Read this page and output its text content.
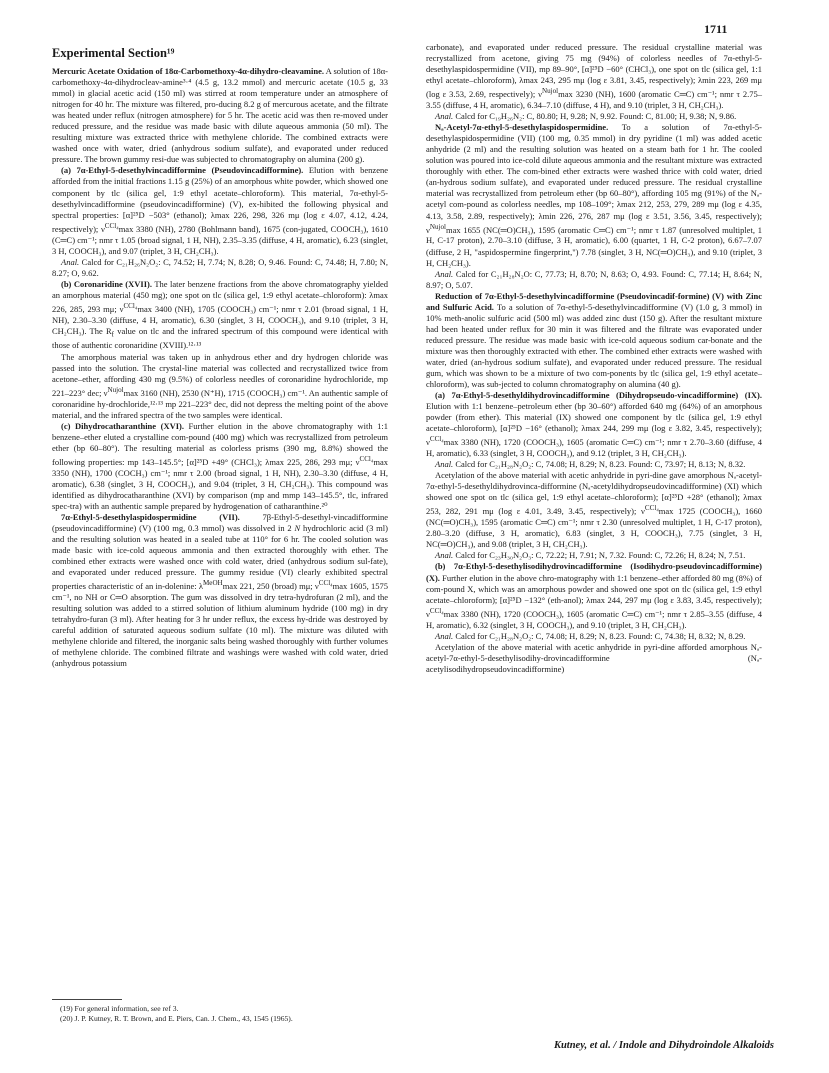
1711
Experimental Section¹⁹

Mercuric Acetate Oxidation of 18α-Carbomethoxy-4α-dihydro-cleavamine. A solution of 18α-carbomethoxy-4α-dihydrocleav-amine³·⁴ (4.5 g, 13.2 mmol) and mercuric acetate (10.5 g, 33 mmol) in glacial acetic acid (150 ml) was stirred at room temperature under an atmosphere of nitrogen for 40 hr. The mixture was filtered, pro-ducing 8.2 g of mercurous acetate, and the filtrate was heated under reflux (nitrogen atmosphere) for 5 hr. The acetic acid was then re-moved under reduced pressure, and the residue was made basic with dilute aqueous ammonia (50 ml). The resulting mixture was extracted thrice with methylene chloride. The combined extracts were washed once with water, dried (anhydrous sodium sulfate), and evaporated under reduced pressure. The brown gummy resi-due was subjected to chromatography on alumina (200 g).

(a) 7α-Ethyl-5-desethylvincadifformine (Pseudovincadifformine). Elution with benzene afforded from the initial fractions 1.15 g (25%) of an amorphous white powder, which showed one component by tlc (silica gel, 1:9 ethyl acetate–chloroform). This material, 7α-ethyl-5-desethylvincadifformine (pseudovincadifformine) (V), ex-hibited the following physical and spectral properties: [α]²⁵D −503° (ethanol); λmax 226, 298, 326 mμ (log ε 4.07, 4.12, 4.24, respectively); $\nu^{CCl_4}\max$ 3380 (NH), 2780 (Bohlmann band), 1675 (con-jugated, COOCH₃), 1610 (C═C) cm⁻¹; nmr τ 1.05 (broad signal, 1 H, NH), 2.35–3.35 (diffuse, 4 H, aromatic), 6.23 (singlet, 3 H, COOCH₃), and 9.07 (triplet, 3 H, CH₂CH₃).

Anal. Calcd for C₂₁H₂₆N₂O₂: C, 74.52; H, 7.74; N, 8.28; O, 9.46. Found: C, 74.48; H, 7.80; N, 8.27; O, 9.62.

(b) Coronaridine (XVII). The later benzene fractions from the above chromatography yielded an amorphous material (450 mg); one spot on tlc (silica gel, 1:9 ethyl acetate–chloroform): λmax 226, 285, 293 mμ; $\nu^{CCl_4}\max$ 3400 (NH), 1705 (COOCH₃) cm⁻¹; nmr τ 2.01 (broad signal, 1 H, NH), 2.30–3.30 (diffuse, 4 H, aromatic), 6.30 (singlet, 3 H, COOCH₃), and 9.10 (triplet, 3 H, CH₂CH₃). The $R_f$ value on tlc and the infrared spectrum of this compound were identical with those of authentic coronaridine (XVIII).¹²·¹³

The amorphous material was taken up in anhydrous ether and dry hydrogen chloride was passed into the solution. The crystal-line material was collected and recrystallized twice from acetone–ether, affording 430 mg (9.5%) of colorless needles of coronaridine hydrochloride, mp 221–223° dec; $\nu^{Nujol}\max$ 3160 (NH), 2530 (N⁺H), 1715 (COOCH₃) cm⁻¹. An authentic sample of coronaridine hy-drochloride,¹²·¹³ mp 221–223° dec, did not depress the melting point of the above material, and the infrared spectra of the two samples were identical.

(c) Dihydrocatharanthine (XVI). Further elution in the above chromatography with 1:1 benzene–ether eluted a crystalline com-pound (400 mg) which was recrystallized from petroleum ether (bp 60–80°). The resulting material as colorless prisms (390 mg, 8.8%) showed the following properties: mp 143–145.5°; [α]²⁵D +49° (CHCl₃); λmax 225, 286, 293 mμ; $\nu^{CCl_4}\max$ 3350 (NH), 1700 (COCH₃) cm⁻¹; nmr τ 2.00 (broad signal, 1 H, NH), 2.30–3.30 (diffuse, 4 H, aromatic), 6.38 (singlet, 3 H, COOCH₃), and 9.04 (triplet, 3 H, CH₂CH₃). This compound was identified as dihydrocatharanthine (XVI) by comparison (mp and mmp 143–145.5°, tlc, infrared spec-tra) with an authentic sample prepared by hydrogenation of catharanthine.²⁰

7α-Ethyl-5-desethylaspidospermidine (VII). 7β-Ethyl-5-desethyl-vincadifformine (pseudovincadifformine) (V) (100 mg, 0.3 mmol) was dissolved in 2 N hydrochloric acid (3 ml) and the resulting solution was heated in a sealed tube at 110° for 6 hr. The cooled solution was made basic with ice-cold aqueous ammonia and then extracted thoroughly with ether. The combined ether extracts were washed once with cold water, dried (anhydrous sodium sul-fate), and evaporated under reduced pressure. The gummy residue (VI) clearly exhibited spectral properties characteristic of an in-dolenine: $\lambda^{MeOH}\max$ 221, 250 (broad) mμ; $\nu^{CCl_4}\max$ 1605, 1575 cm⁻¹, no NH or C═O absorption. The gum was dissolved in dry tetra-hydrofuran (2 ml), and the resulting solution was added to a stirred solution of lithium aluminum hydride (100 mg) in dry tetrahydro-furan (3 ml). After heating for 3 hr under reflux, the excess hy-dride was destroyed by careful addition of saturated aqueous sodium sulfate (10 ml). The mixture was diluted with methylene chloride and filtered, the inorganic salts being washed thoroughly with further volumes of methylene chloride. The combined filtrate and washings were washed with cold water, dried (anhydrous potassium

carbonate), and evaporated under reduced pressure. The residual crystalline material was recrystallized from acetone, giving 75 mg (94%) of colorless needles of 7α-ethyl-5-desethylaspidospermidine (VII), mp 89–90°, [α]²⁵D −60° (CHCl₃), one spot on tlc (silica gel, 1:1 ethyl acetate–chloroform), λmax 243, 295 mμ (log ε 3.81, 3.45, respectively); λmin 223, 269 mμ (log ε 3.53, 2.69, respectively); $\nu^{Nujol}\max$ 3230 (NH), 1600 (aromatic C═C) cm⁻¹; nmr τ 2.75–3.55 (diffuse, 4 H, aromatic), 6.34–7.10 (diffuse, 4 H), and 9.10 (triplet, 3 H, CH₂CH₃).

Anal. Calcd for C₁₉H₂₆N₂: C, 80.80; H, 9.28; N, 9.92. Found: C, 81.00; H, 9.38; N, 9.86.

Nₐ-Acetyl-7α-ethyl-5-desethylaspidospermidine. To a solution of 7α-ethyl-5-desethylaspidospermidine (VII) (100 mg, 0.35 mmol) in dry pyridine (1 ml) was added acetic anhydride (2 ml) and the resulting solution was heated on a steam bath for 1 hr. The cooled solution was poured into ice-cold dilute aqueous ammonia and the resultant mixture was extracted thoroughly with ether. The com-bined ether extracts were washed thrice with cold water, dried (an-hydrous sodium sulfate), and evaporated under reduced pressure. The residual crystalline material was recrystallized from petroleum ether (bp 60–80°), affording 105 mg (91%) of the Nₐ-acetyl com-pound as colorless needles, mp 108–109°; λmax 212, 253, 279, 289 mμ (log ε 4.35, 4.13, 3.58, 2.89, respectively); λmin 226, 276, 287 mμ (log ε 3.51, 3.56, 3.45, respectively); $\nu^{Nujol}\max$ 1655 (NC(═O)CH₃), 1595 (aromatic C═C) cm⁻¹; nmr τ 1.87 (unresolved multiplet, 1 H, C-17 proton), 2.70–3.10 (diffuse, 3 H, aromatic), 6.00 (quartet, 1 H, C-2 proton), 6.67–7.07 (diffuse, 2 H, "aspidospermine fingerprint,") 7.78 (singlet, 3 H, NC(═O)CH₃), and 9.10 (triplet, 3 H, CH₂CH₃).

Anal. Calcd for C₂₁H₂₈N₂O: C, 77.73; H, 8.70; N, 8.63; O, 4.93. Found: C, 77.14; H, 8.64; N, 8.97; O, 5.07.

Reduction of 7α-Ethyl-5-desethylvincadifformine (Pseudovincadif-formine) (V) with Zinc and Sulfuric Acid. To a solution of 7α-ethyl-5-desethylvincadifformine (V) (1.0 g, 3 mmol) in 10% meth-anolic sulfuric acid (500 ml) was added zinc dust (150 g). After the resultant mixture had been heated under reflux for 30 min it was filtered and the filtrate was evaporated under reduced pressure. The residue was made basic with ice-cold aqueous sodium car-bonate and the mixture was then thoroughly extracted with ether. The combined ether extracts were washed with water, dried (an-hydrous sodium sulfate), and evaporated under reduced pressure. The residual gum, which was shown to be a mixture of two com-ponents by tlc (silica gel, 1:9 ethyl acetate–chloroform), was sub-jected to column chromatography on alumina (40 g).

(a) 7α-Ethyl-5-desethyldihydrovincadifformine (Dihydropseudo-vincadifformine) (IX). Elution with 1:1 benzene–petroleum ether (bp 30–60°) afforded 640 mg (64%) of an amorphous powder (from ether). This material (IX) showed one component by tlc (silica gel, 1:9 ethyl acetate–chloroform), [α]²⁵D −16° (ethanol); λmax 244, 299 mμ (log ε 3.82, 3.45, respectively); $\nu^{CCl_4}\max$ 3380 (NH), 1720 (COOCH₃), 1605 (aromatic C═C) cm⁻¹; nmr τ 2.70–3.60 (diffuse, 4 H, aromatic), 6.33 (singlet, 3 H, COOCH₃), and 9.12 (triplet, 3 H, CH₂CH₃).

Anal. Calcd for C₂₁H₂₈N₂O₂: C, 74.08; H, 8.29; N, 8.23. Found: C, 73.97; H, 8.13; N, 8.32.

Acetylation of the above material with acetic anhydride in pyri-dine gave amorphous Nₐ-acetyl-7α-ethyl-5-desethyldihydrovinca-difformine (Nₐ-acetyldihydropseudovincadifformine) (XI) which showed one spot on tlc (silica gel, 1:9 ethyl acetate–chloroform); [α]²⁵D +28° (ethanol); λmax 253, 282, 291 mμ (log ε 4.01, 3.49, 3.45, respectively); $\nu^{CCl_4}\max$ 1725 (COOCH₃), 1660 (NC(═O)CH₃), 1595 (aromatic C═C) cm⁻¹; nmr τ 2.30 (unresolved multiplet, 1 H, C-17 proton), 2.80–3.20 (diffuse, 3 H, aromatic), 6.83 (singlet, 3 H, COOCH₃), 7.75 (singlet, 3 H, NC(═O)CH₃), and 9.08 (triplet, 3 H, CH₂CH₃).

Anal. Calcd for C₂₃H₃₀N₂O₃: C, 72.22; H, 7.91; N, 7.32. Found: C, 72.26; H, 8.24; N, 7.51.

(b) 7α-Ethyl-5-desethylisodihydrovincadifformine (Isodihydro-pseudovincadifformine) (X). Further elution in the above chro-matography with 1:1 benzene–ether afforded 80 mg (8%) of com-pound X, which was an amorphous powder and showed one spot on tlc (silica gel, 1:9 ethyl acetate–chloroform); [α]²⁵D −132° (eth-anol); λmax 244, 297 mμ (log ε 3.83, 3.45, respectively); $\nu^{CCl_4}\max$ 3380 (NH), 1720 (COOCH₃), 1605 (aromatic C═C) cm⁻¹; nmr τ 2.85–3.55 (diffuse, 4 H, aromatic), 6.32 (singlet, 3 H, COOCH₃), and 9.10 (triplet, 3 H, CH₂CH₃).

Anal. Calcd for C₂₁H₂₈N₂O₂: C, 74.08; H, 8.29; N, 8.23. Found: C, 74.38; H, 8.32; N, 8.29.

Acetylation of the above material with acetic anhydride in pyri-dine afforded amorphous Nₐ-acetyl-7α-ethyl-5-desethylisodihy-drovincadifformine (Nₐ-acetylisodihydropseudovincadifformine)

(19) For general information, see ref 3.

(20) J. P. Kutney, R. T. Brown, and E. Piers, Can. J. Chem., 43, 1545 (1965).

Kutney, et al. / Indole and Dihydroindole Alkaloids
